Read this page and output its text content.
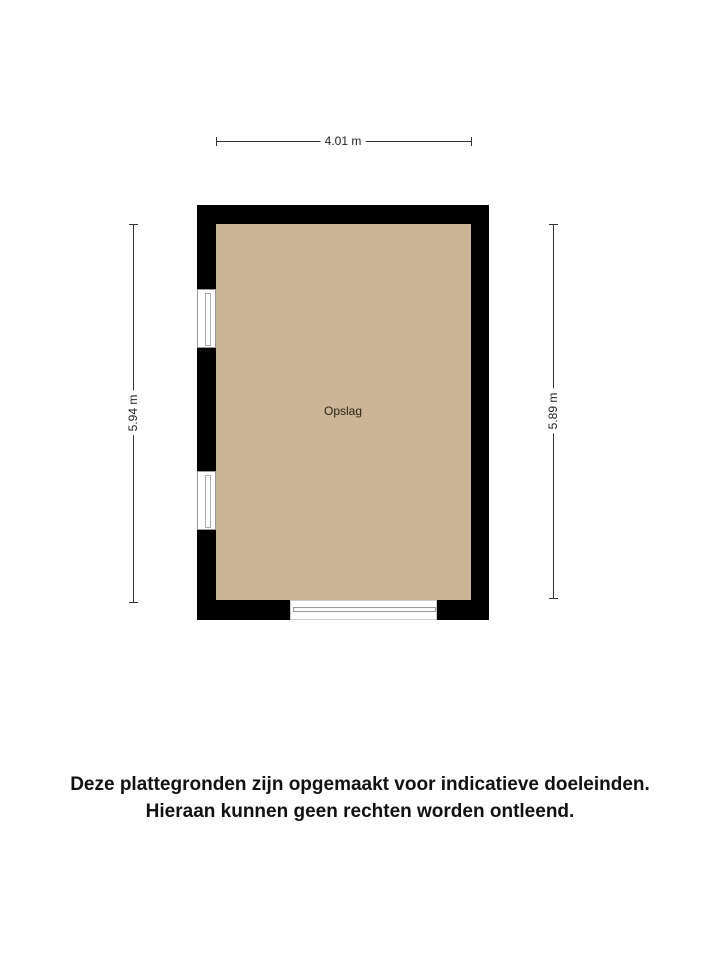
4.01 m
5.94 m	5.89 m
Opslag
Deze plattegronden zijn opgemaakt voor indicatieve doeleinden.
Hieraan kunnen geen rechten worden ontleend.
